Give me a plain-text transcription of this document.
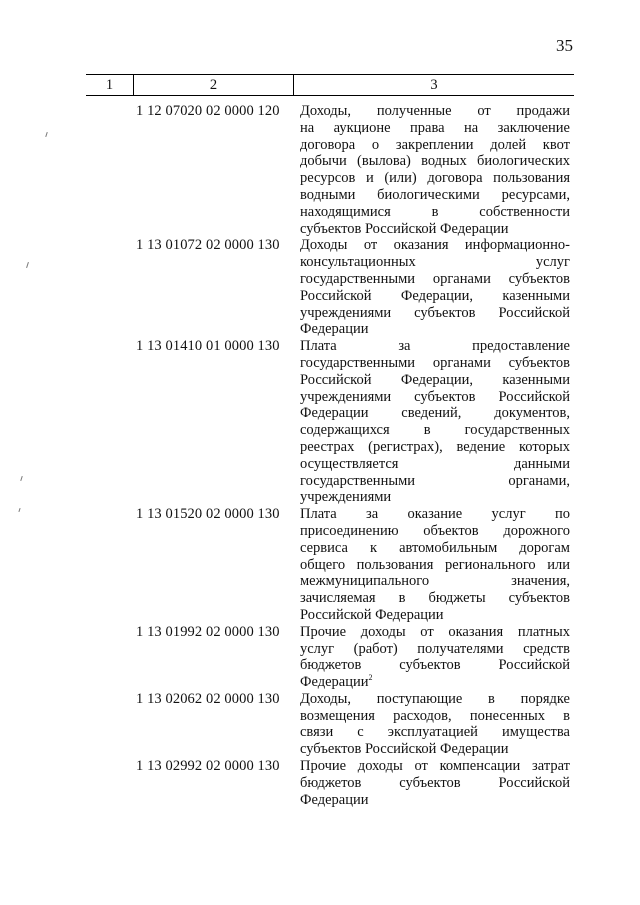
35
1	2	3
1 12 07020 02 0000 120	Доходы, полученные от продажи
на аукционе права на заключение
договора о закреплении долей квот
добычи (вылова) водных биологических
ресурсов и (или) договора пользования
водными биологическими ресурсами,
находящимися в собственности
субъектов Российской Федерации
1 13 01072 02 0000 130	Доходы от оказания информационно-
консультационных услуг
государственными органами субъектов
Российской Федерации, казенными
учреждениями субъектов Российской
Федерации
1 13 01410 01 0000 130	Плата за предоставление
государственными органами субъектов
Российской Федерации, казенными
учреждениями субъектов Российской
Федерации сведений, документов,
содержащихся в государственных
реестрах (регистрах), ведение которых
осуществляется данными
государственными органами,
учреждениями
1 13 01520 02 0000 130	Плата за оказание услуг по
присоединению объектов дорожного
сервиса к автомобильным дорогам
общего пользования регионального или
межмуниципального значения,
зачисляемая в бюджеты субъектов
Российской Федерации
1 13 01992 02 0000 130	Прочие доходы от оказания платных
услуг (работ) получателями средств
бюджетов субъектов Российской
Федерации$^2$
1 13 02062 02 0000 130	Доходы, поступающие в порядке
возмещения расходов, понесенных в
связи с эксплуатацией имущества
субъектов Российской Федерации
1 13 02992 02 0000 130	Прочие доходы от компенсации затрат
бюджетов субъектов Российской
Федерации
